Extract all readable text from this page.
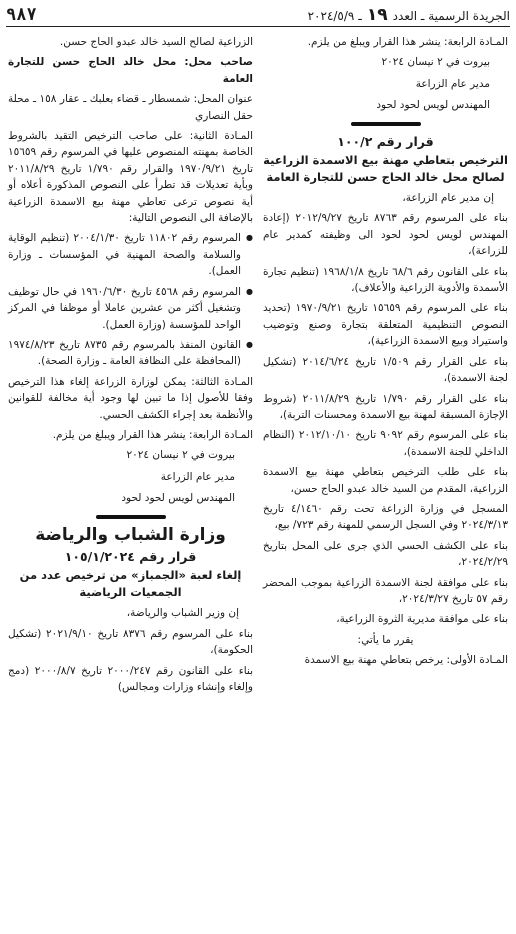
الجريدة الرسمية ـ العدد ١٩ ـ ٢٠٢٤/٥/٩
٩٨٧

المـادة الرابعة: ينشر هذا القرار ويبلغ من يلزم.

بيروت في ٢ نيسان ٢٠٢٤

مدير عام الزراعة

المهندس لويس لحود لحود

قرار رقم ١٠٠/٢
الترخيص بتعاطي مهنة بيع الاسمدة الزراعية لصالح محل خالد الحاج حسن للتجارة العامة

إن مدير عام الزراعة،

بناء على المرسوم رقم ٨٧٦٣ تاريخ ٢٠١٢/٩/٢٧ (إعادة المهندس لويس لحود لحود الى وظيفته كمدير عام للزراعة)،

بناء على القانون رقم ٦٨/٦ تاريخ ١٩٦٨/١/٨ (تنظيم تجارة الأسمدة والأدوية الزراعية والأعلاف)،

بناء على المرسوم رقم ١٥٦٥٩ تاريخ ١٩٧٠/٩/٢١ (تحديد النصوص التنظيمية المتعلقة بتجارة وصنع وتوضيب واستيراد وبيع الاسمدة الزراعية)،

بناء على القرار رقم ١/٥٠٩ تاريخ ٢٠١٤/٦/٢٤ (تشكيل لجنة الاسمدة)،

بناء على القرار رقم ١/٧٩٠ تاريخ ٢٠١١/٨/٢٩ (شروط الإجازة المسبقة لمهنة بيع الاسمدة ومحسنات التربة)،

بناء على المرسوم رقم ٩٠٩٢ تاريخ ٢٠١٢/١٠/١٠ (النظام الداخلي للجنة الاسمدة)،

بناء على طلب الترخيص بتعاطي مهنة بيع الاسمدة الزراعية، المقدم من السيد خالد عبدو الحاج حسن،

المسجل في وزارة الزراعة تحت رقم ٤/١٤٦٠ تاريخ ٢٠٢٤/٣/١٣ وفي السجل الرسمي للمهنة رقم ٧٢٣/ بيع،

بناء على الكشف الحسي الذي جرى على المحل بتاريخ ٢٠٢٤/٢/٢٩،

بناء على موافقة لجنة الاسمدة الزراعية بموجب المحضر رقم ٥٧ تاريخ ٢٠٢٤/٣/٢٧،

بناء على موافقة مديرية الثروة الزراعية،

يقرر ما يأتي:

المـادة الأولى: يرخص بتعاطي مهنة بيع الاسمدة

الزراعية لصالح السيد خالد عبدو الحاج حسن.

صاحب محل: محل خالد الحاج حسن للتجارة العامة

عنوان المحل: شمسطار ـ قضاء بعلبك ـ عقار ١٥٨ ـ محلة حقل النصاري

المـادة الثانية: على صاحب الترخيص التقيد بالشروط الخاصة بمهنته المنصوص عليها في المرسوم رقم ١٥٦٥٩ تاريخ ١٩٧٠/٩/٢١ والقرار رقم ١/٧٩٠ تاريخ ٢٠١١/٨/٢٩ وبأية تعديلات قد تطرأ على النصوص المذكورة أعلاه أو أية نصوص ترعى تعاطي مهنة بيع الاسمدة الزراعية بالإضافة الى النصوص التالية:

● المرسوم رقم ١١٨٠٢ تاريخ ٢٠٠٤/١/٣٠ (تنظيم الوقاية والسلامة والصحة المهنية في المؤسسات ـ وزارة العمل).

● المرسوم رقم ٤٥٦٨ تاريخ ١٩٦٠/٦/٣٠ في حال توظيف وتشغيل أكثر من عشرين عاملا أو موظفا في المركز الواحد للمؤسسة (وزارة العمل).

● القانون المنفذ بالمرسوم رقم ٨٧٣٥ تاريخ ١٩٧٤/٨/٢٣ (المحافظة على النظافة العامة ـ وزارة الصحة).

المـادة الثالثة: يمكن لوزارة الزراعة إلغاء هذا الترخيص وفقا للأصول إذا ما تبين لها وجود أية مخالفة للقوانين والأنظمة بعد إجراء الكشف الحسي.

المـادة الرابعة: ينشر هذا القرار ويبلغ من يلزم.

بيروت في ٢ نيسان ٢٠٢٤

مدير عام الزراعة

المهندس لويس لحود لحود

وزارة الشباب والرياضة
قرار رقم ١٠٥/١/٢٠٢٤
إلغاء لعبة «الجمباز» من ترخيص عدد من الجمعيات الرياضية

إن وزير الشباب والرياضة،

بناء على المرسوم رقم ٨٣٧٦ تاريخ ٢٠٢١/٩/١٠ (تشكيل الحكومة)،

بناء على القانون رقم ٢٠٠٠/٢٤٧ تاريخ ٢٠٠٠/٨/٧ (دمج وإلغاء وإنشاء وزارات ومجالس)
